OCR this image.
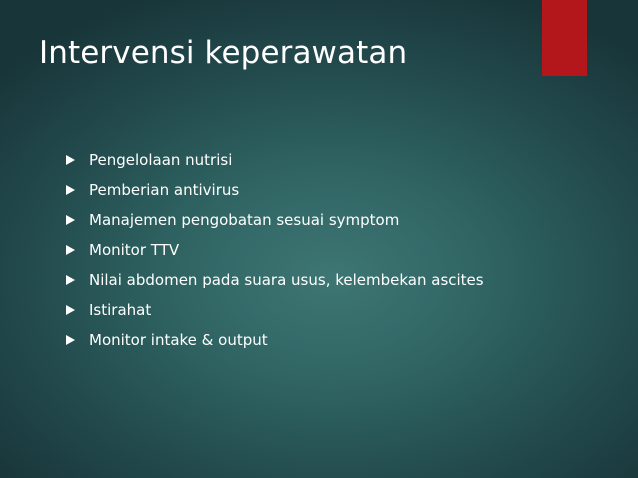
Intervensi keperawatan
Pengelolaan nutrisi
Pemberian antivirus
Manajemen pengobatan sesuai symptom
Monitor TTV
Nilai abdomen pada suara usus, kelembekan ascites
Istirahat
Monitor intake & output
